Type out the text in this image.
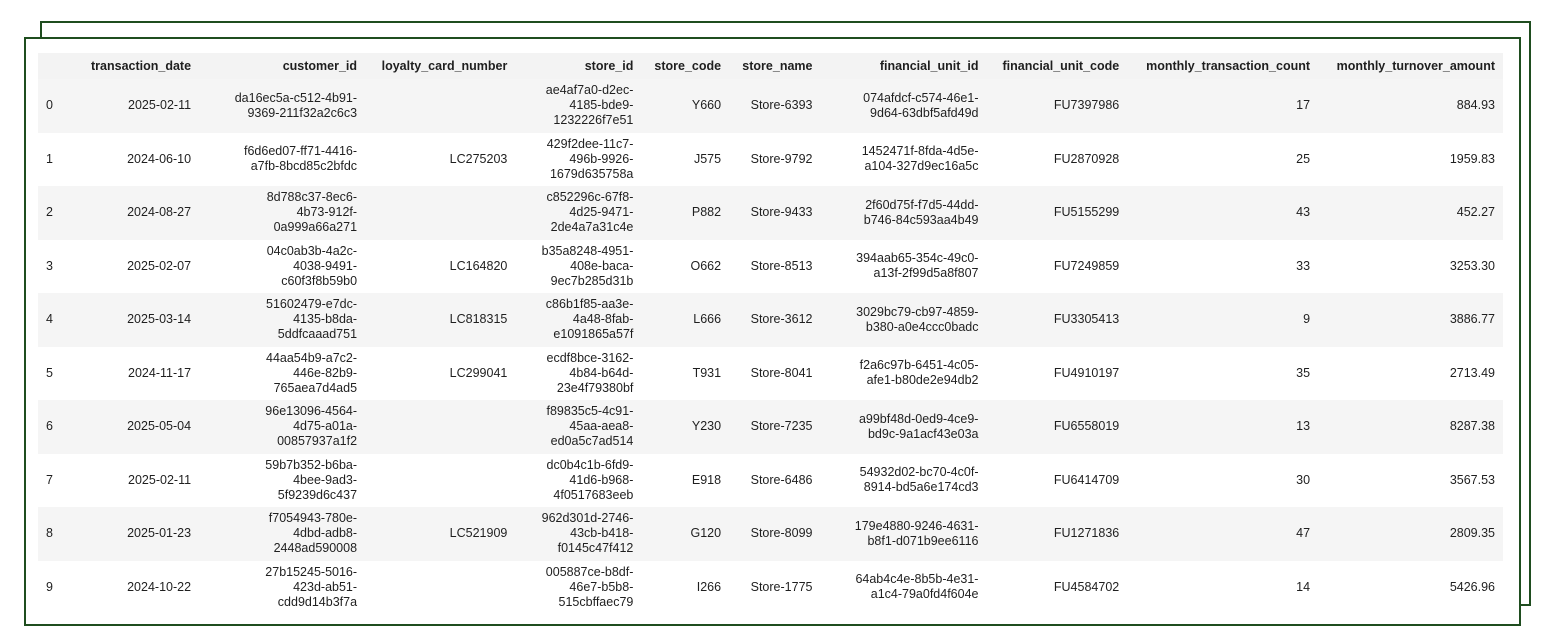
	transaction_date	customer_id	loyalty_card_number	store_id	store_code	store_name	financial_unit_id	financial_unit_code	monthly_transaction_count	monthly_turnover_amount
0	2025-02-11	da16ec5a-c512-4b91-
9369-211f32a2c6c3		ae4af7a0-d2ec-
4185-bde9-
1232226f7e51	Y660	Store-6393	074afdcf-c574-46e1-
9d64-63dbf5afd49d	FU7397986	17	884.93
1	2024-06-10	f6d6ed07-ff71-4416-
a7fb-8bcd85c2bfdc	LC275203	429f2dee-11c7-
496b-9926-
1679d635758a	J575	Store-9792	1452471f-8fda-4d5e-
a104-327d9ec16a5c	FU2870928	25	1959.83
2	2024-08-27	8d788c37-8ec6-
4b73-912f-
0a999a66a271		c852296c-67f8-
4d25-9471-
2de4a7a31c4e	P882	Store-9433	2f60d75f-f7d5-44dd-
b746-84c593aa4b49	FU5155299	43	452.27
3	2025-02-07	04c0ab3b-4a2c-
4038-9491-
c60f3f8b59b0	LC164820	b35a8248-4951-
408e-baca-
9ec7b285d31b	O662	Store-8513	394aab65-354c-49c0-
a13f-2f99d5a8f807	FU7249859	33	3253.30
4	2025-03-14	51602479-e7dc-
4135-b8da-
5ddfcaaad751	LC818315	c86b1f85-aa3e-
4a48-8fab-
e1091865a57f	L666	Store-3612	3029bc79-cb97-4859-
b380-a0e4ccc0badc	FU3305413	9	3886.77
5	2024-11-17	44aa54b9-a7c2-
446e-82b9-
765aea7d4ad5	LC299041	ecdf8bce-3162-
4b84-b64d-
23e4f79380bf	T931	Store-8041	f2a6c97b-6451-4c05-
afe1-b80de2e94db2	FU4910197	35	2713.49
6	2025-05-04	96e13096-4564-
4d75-a01a-
00857937a1f2		f89835c5-4c91-
45aa-aea8-
ed0a5c7ad514	Y230	Store-7235	a99bf48d-0ed9-4ce9-
bd9c-9a1acf43e03a	FU6558019	13	8287.38
7	2025-02-11	59b7b352-b6ba-
4bee-9ad3-
5f9239d6c437		dc0b4c1b-6fd9-
41d6-b968-
4f0517683eeb	E918	Store-6486	54932d02-bc70-4c0f-
8914-bd5a6e174cd3	FU6414709	30	3567.53
8	2025-01-23	f7054943-780e-
4dbd-adb8-
2448ad590008	LC521909	962d301d-2746-
43cb-b418-
f0145c47f412	G120	Store-8099	179e4880-9246-4631-
b8f1-d071b9ee6116	FU1271836	47	2809.35
9	2024-10-22	27b15245-5016-
423d-ab51-
cdd9d14b3f7a		005887ce-b8df-
46e7-b5b8-
515cbffaec79	I266	Store-1775	64ab4c4e-8b5b-4e31-
a1c4-79a0fd4f604e	FU4584702	14	5426.96
